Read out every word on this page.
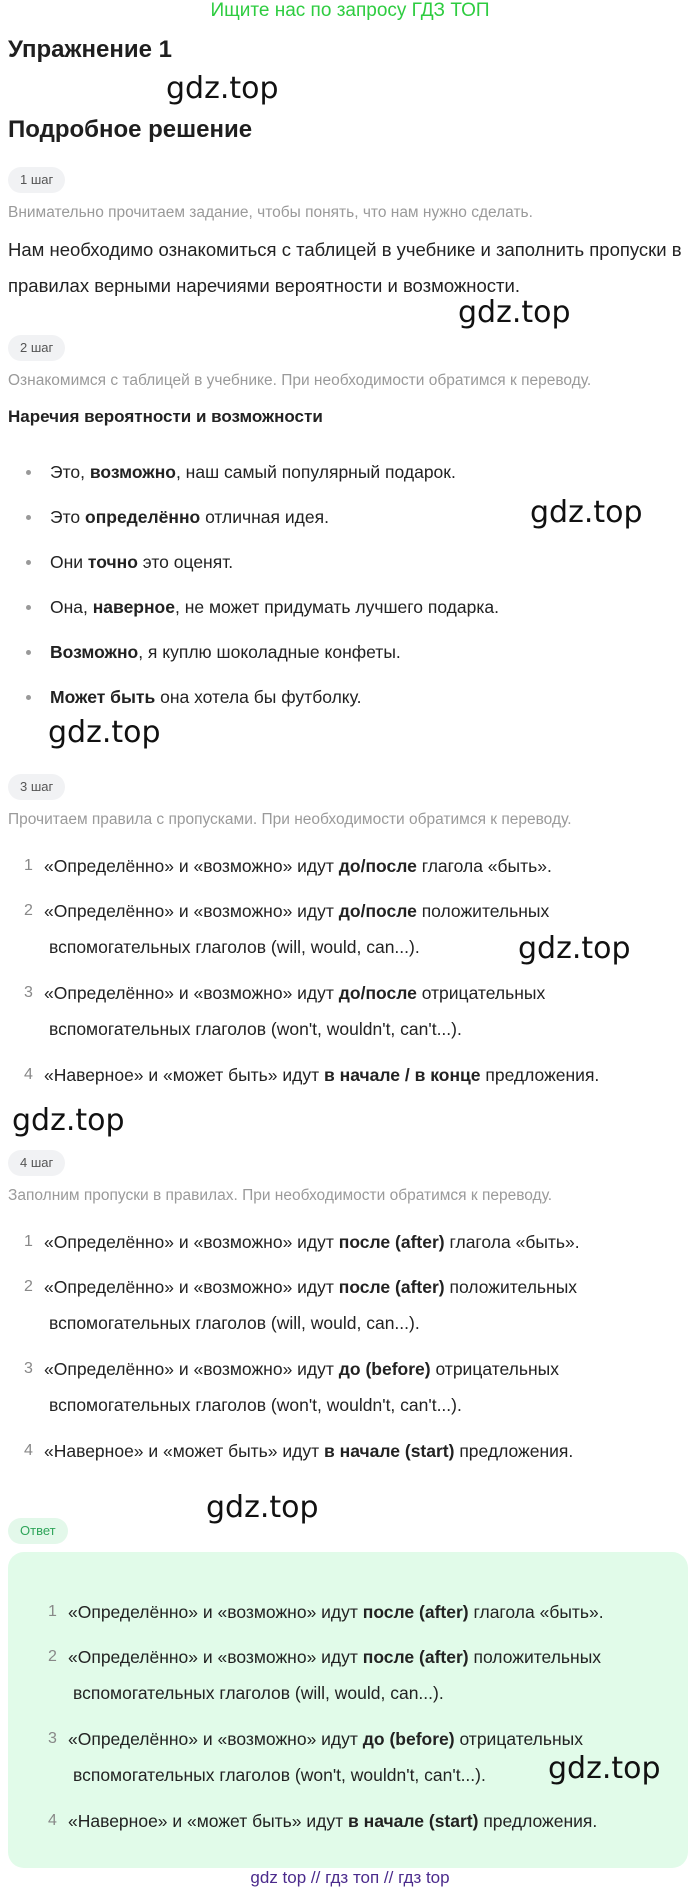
Ищите нас по запросу ГДЗ ТОП
Упражнение 1
gdz.top
Подробное решение
1 шаг
Внимательно прочитаем задание, чтобы понять, что нам нужно сделать.
Нам необходимо ознакомиться с таблицей в учебнике и заполнить пропуски в
правилах верными наречиями вероятности и возможности.
gdz.top
2 шаг
Ознакомимся с таблицей в учебнике. При необходимости обратимся к переводу.
Наречия вероятности и возможности
Это, возможно, наш самый популярный подарок.
Это определённо отличная идея.	gdz.top
Они точно это оценят.
Она, наверное, не может придумать лучшего подарка.
Возможно, я куплю шоколадные конфеты.
Может быть она хотела бы футболку.
gdz.top
3 шаг
Прочитаем правила с пропусками. При необходимости обратимся к переводу.
1 «Определённо» и «возможно» идут до/после глагола «быть».
2 «Определённо» и «возможно» идут до/после положительных
вспомогательных глаголов (will, would, can...).	gdz.top
3 «Определённо» и «возможно» идут до/после отрицательных
вспомогательных глаголов (won't, wouldn't, can't...).
4 «Наверное» и «может быть» идут в начале / в конце предложения.
gdz.top
4 шаг
Заполним пропуски в правилах. При необходимости обратимся к переводу.
1 «Определённо» и «возможно» идут после (after) глагола «быть».
2 «Определённо» и «возможно» идут после (after) положительных
вспомогательных глаголов (will, would, can...).
3 «Определённо» и «возможно» идут до (before) отрицательных
вспомогательных глаголов (won't, wouldn't, can't...).
4 «Наверное» и «может быть» идут в начале (start) предложения.
gdz.top
Ответ
1 «Определённо» и «возможно» идут после (after) глагола «быть».
2 «Определённо» и «возможно» идут после (after) положительных
вспомогательных глаголов (will, would, can...).
3 «Определённо» и «возможно» идут до (before) отрицательных
вспомогательных глаголов (won't, wouldn't, can't...).	gdz.top
4 «Наверное» и «может быть» идут в начале (start) предложения.
gdz top // гдз топ // гдз top
